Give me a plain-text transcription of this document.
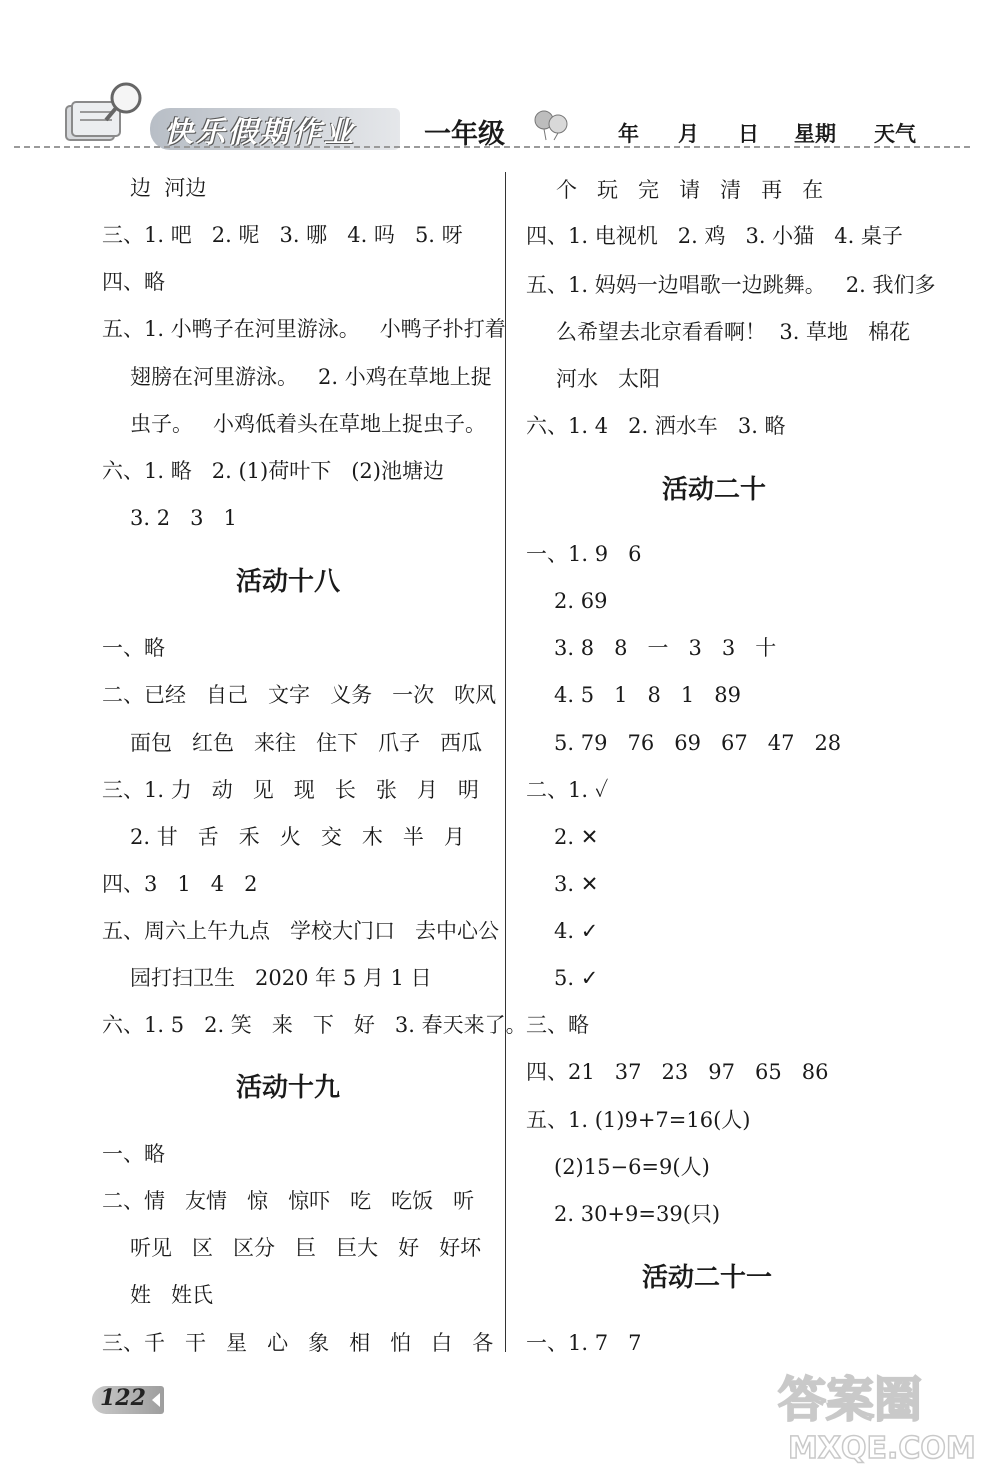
快乐假期作业	一年级	年 月 日 星期 天气
边  河边
三、1. 吧   2. 呢   3. 哪   4. 吗   5. 呀
四、略
五、1. 小鸭子在河里游泳。   小鸭子扑打着
翅膀在河里游泳。   2. 小鸡在草地上捉
虫子。   小鸡低着头在草地上捉虫子。
六、1. 略   2. (1)荷叶下   (2)池塘边
3. 2   3   1
活动十八
一、略
二、已经   自己   文字   义务   一次   吹风
面包   红色   来往   住下   爪子   西瓜
三、1. 力   动   见   现   长   张   月   明
2. 甘   舌   禾   火   交   木   半   月
四、3   1   4   2
五、周六上午九点   学校大门口   去中心公
园打扫卫生   2020 年 5 月 1 日
六、1. 5   2. 笑   来   下   好   3. 春天来了。
活动十九
一、略
二、情   友情   惊   惊吓   吃   吃饭   听
听见   区   区分   巨   巨大   好   好坏
姓   姓氏
三、千   干   星   心   象   相   怕   白   各
个   玩   完   请   清   再   在
四、1. 电视机   2. 鸡   3. 小猫   4. 桌子
五、1. 妈妈一边唱歌一边跳舞。   2. 我们多
么希望去北京看看啊！  3. 草地   棉花
河水   太阳
六、1. 4   2. 洒水车   3. 略
活动二十
一、1. 9   6
2. 69
3. 8   8   一   3   3   十
4. 5   1   8   1   89
5. 79   76   69   67   47   28
二、1. ✓
2. ✕
3. ✕
4. ✓
5. ✓
三、略
四、21   37   23   97   65   86
五、1. (1)9+7=16(人)
(2)15−6=9(人)
2. 30+9=39(只)
活动二十一
一、1. 7   7
122	答案圈
MXQE.COM
